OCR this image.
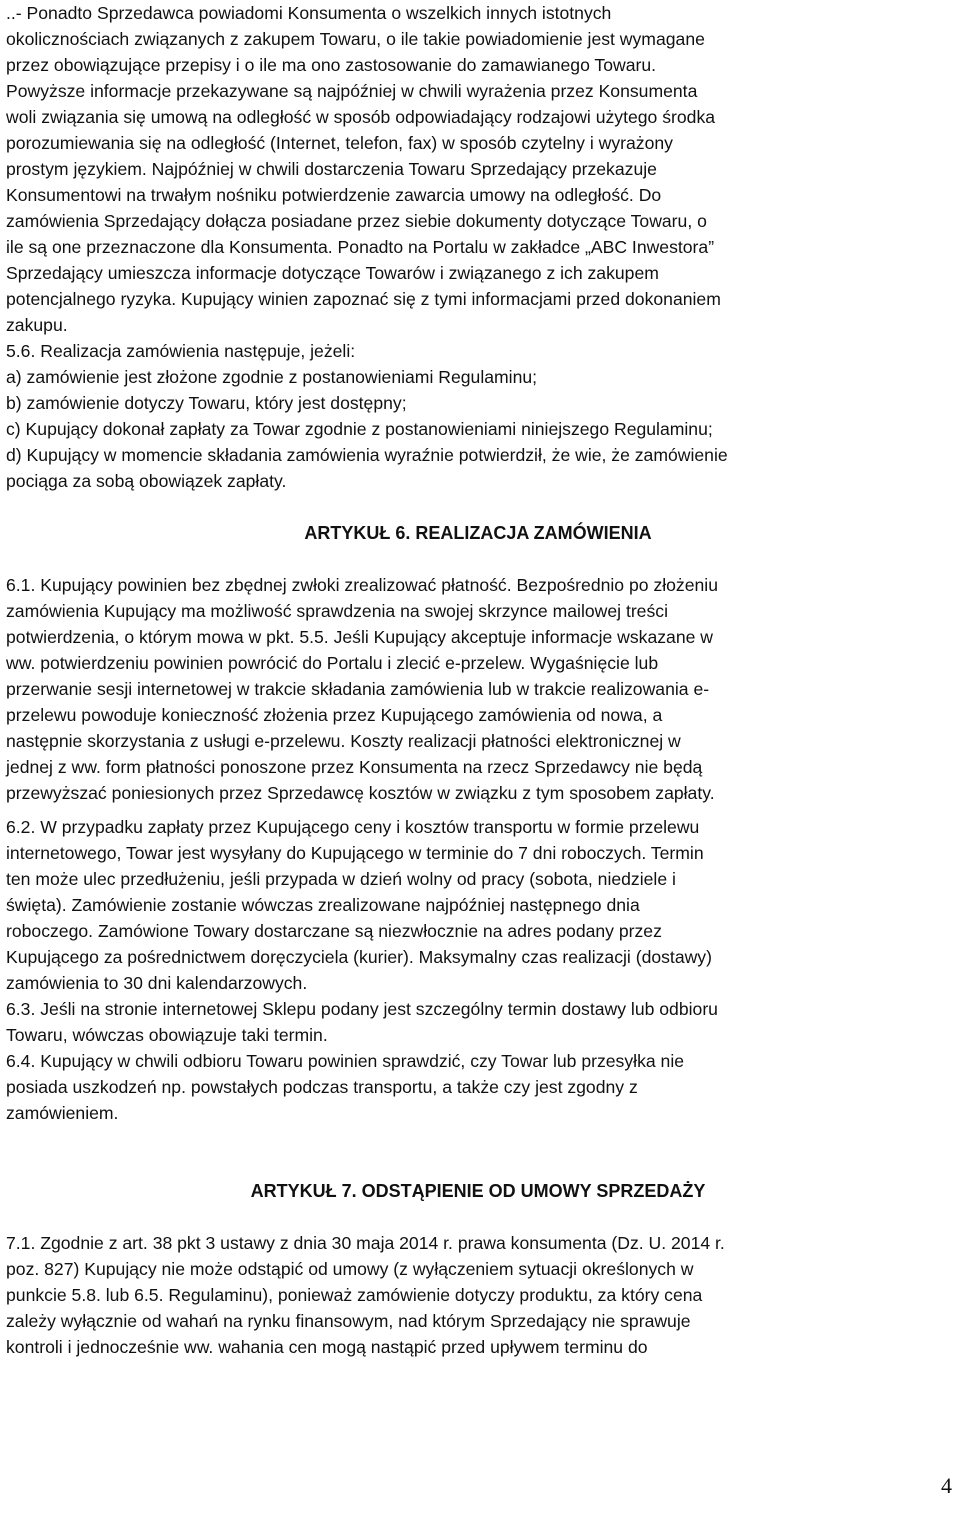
..- Ponadto Sprzedawca powiadomi Konsumenta o wszelkich innych istotnych
okolicznościach związanych z zakupem Towaru, o ile takie powiadomienie jest wymagane
przez obowiązujące przepisy i o ile ma ono zastosowanie do zamawianego Towaru.
Powyższe informacje przekazywane są najpóźniej w chwili wyrażenia przez Konsumenta
woli związania się umową na odległość w sposób odpowiadający rodzajowi użytego środka
porozumiewania się na odległość (Internet, telefon, fax) w sposób czytelny i wyrażony
prostym językiem. Najpóźniej w chwili dostarczenia Towaru Sprzedający przekazuje
Konsumentowi na trwałym nośniku potwierdzenie zawarcia umowy na odległość. Do
zamówienia Sprzedający dołącza posiadane przez siebie dokumenty dotyczące Towaru, o
ile są one przeznaczone dla Konsumenta. Ponadto na Portalu w zakładce „ABC Inwestora”
Sprzedający umieszcza informacje dotyczące Towarów i związanego z ich zakupem
potencjalnego ryzyka. Kupujący winien zapoznać się z tymi informacjami przed dokonaniem
zakupu.

5.6. Realizacja zamówienia następuje, jeżeli:
a) zamówienie jest złożone zgodnie z postanowieniami Regulaminu;
b) zamówienie dotyczy Towaru, który jest dostępny;
c) Kupujący dokonał zapłaty za Towar zgodnie z postanowieniami niniejszego Regulaminu;
d) Kupujący w momencie składania zamówienia wyraźnie potwierdził, że wie, że zamówienie
pociąga za sobą obowiązek zapłaty.

ARTYKUŁ 6. REALIZACJA ZAMÓWIENIA

6.1. Kupujący powinien bez zbędnej zwłoki zrealizować płatność. Bezpośrednio po złożeniu
zamówienia Kupujący ma możliwość sprawdzenia na swojej skrzynce mailowej treści
potwierdzenia, o którym mowa w pkt. 5.5. Jeśli Kupujący akceptuje informacje wskazane w
ww. potwierdzeniu powinien powrócić do Portalu i zlecić e-przelew. Wygaśnięcie lub
przerwanie sesji internetowej w trakcie składania zamówienia lub w trakcie realizowania e-
przelewu powoduje konieczność złożenia przez Kupującego zamówienia od nowa, a
następnie skorzystania z usługi e-przelewu. Koszty realizacji płatności elektronicznej w
jednej z ww. form płatności ponoszone przez Konsumenta na rzecz Sprzedawcy nie będą
przewyższać poniesionych przez Sprzedawcę kosztów w związku z tym sposobem zapłaty.

6.2. W przypadku zapłaty przez Kupującego ceny i kosztów transportu w formie przelewu
internetowego, Towar jest wysyłany do Kupującego w terminie do 7 dni roboczych. Termin
ten może ulec przedłużeniu, jeśli przypada w dzień wolny od pracy (sobota, niedziele i
święta). Zamówienie zostanie wówczas zrealizowane najpóźniej następnego dnia
roboczego. Zamówione Towary dostarczane są niezwłocznie na adres podany przez
Kupującego za pośrednictwem doręczyciela (kurier). Maksymalny czas realizacji (dostawy)
zamówienia to 30 dni kalendarzowych.

6.3. Jeśli na stronie internetowej Sklepu podany jest szczególny termin dostawy lub odbioru
Towaru, wówczas obowiązuje taki termin.

6.4. Kupujący w chwili odbioru Towaru powinien sprawdzić, czy Towar lub przesyłka nie
posiada uszkodzeń np. powstałych podczas transportu, a także czy jest zgodny z
zamówieniem.

ARTYKUŁ 7. ODSTĄPIENIE OD UMOWY SPRZEDAŻY

7.1. Zgodnie z art. 38 pkt 3 ustawy z dnia 30 maja 2014 r. prawa konsumenta (Dz. U. 2014 r.
poz. 827) Kupujący nie może odstąpić od umowy (z wyłączeniem sytuacji określonych w
punkcie 5.8. lub 6.5. Regulaminu), ponieważ zamówienie dotyczy produktu, za który cena
zależy wyłącznie od wahań na rynku finansowym, nad którym Sprzedający nie sprawuje
kontroli i jednocześnie ww. wahania cen mogą nastąpić przed upływem terminu do

4
